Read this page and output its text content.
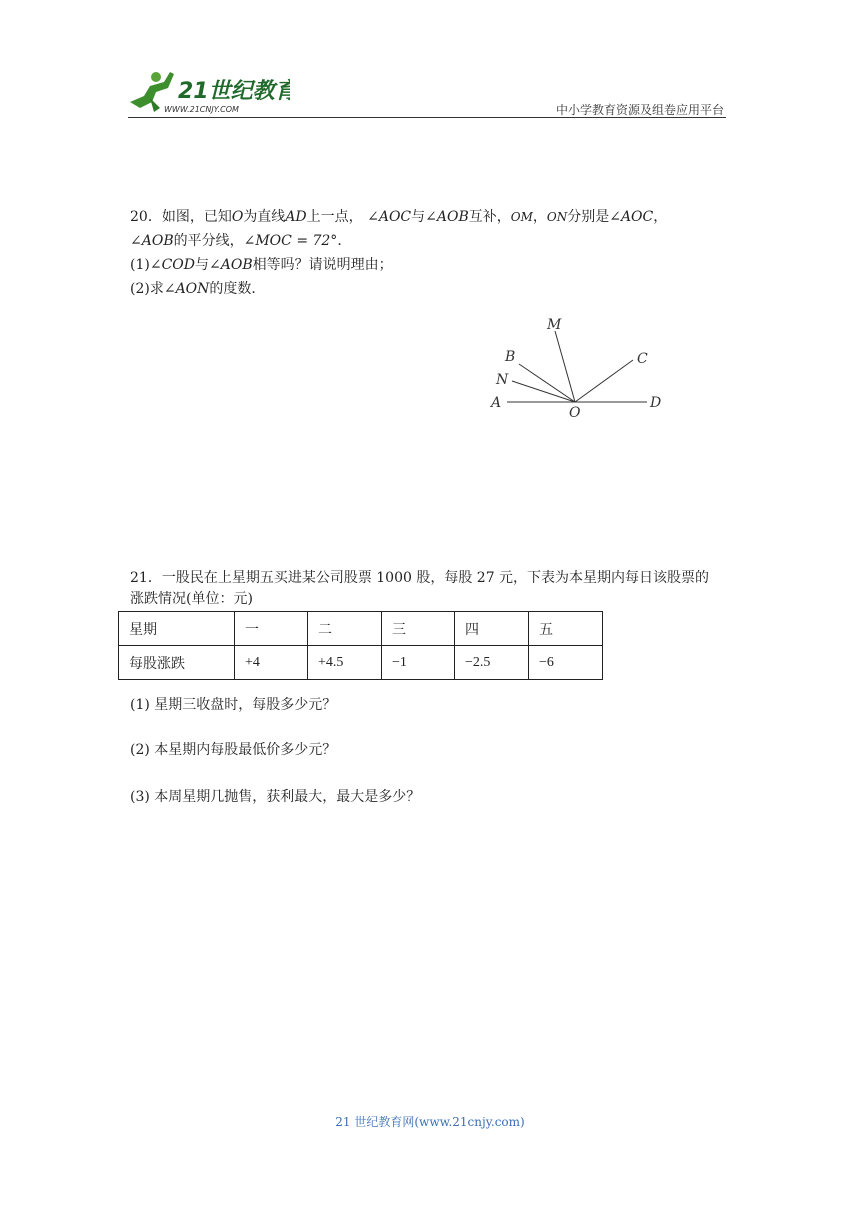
21世纪教育
WWW.21CNJY.COM	中小学教育资源及组卷应用平台
20．如图，已知O为直线AD上一点， ∠AOC与∠AOB互补，OM，ON分别是∠AOC，
∠AOB的平分线，∠MOC = 72°．
(1)∠COD与∠AOB相等吗？请说明理由；
(2)求∠AON的度数．
M
B
N
A
O
C
D
21．一股民在上星期五买进某公司股票 1000 股，每股 27 元，下表为本星期内每日该股票的
涨跌情况(单位：元)
星期	一	二	三	四	五
每股涨跌	+4	+4.5	−1	−2.5	−6
(1) 星期三收盘时，每股多少元？
(2) 本星期内每股最低价多少元？
(3) 本周星期几抛售，获利最大，最大是多少？
21 世纪教育网(www.21cnjy.com)
